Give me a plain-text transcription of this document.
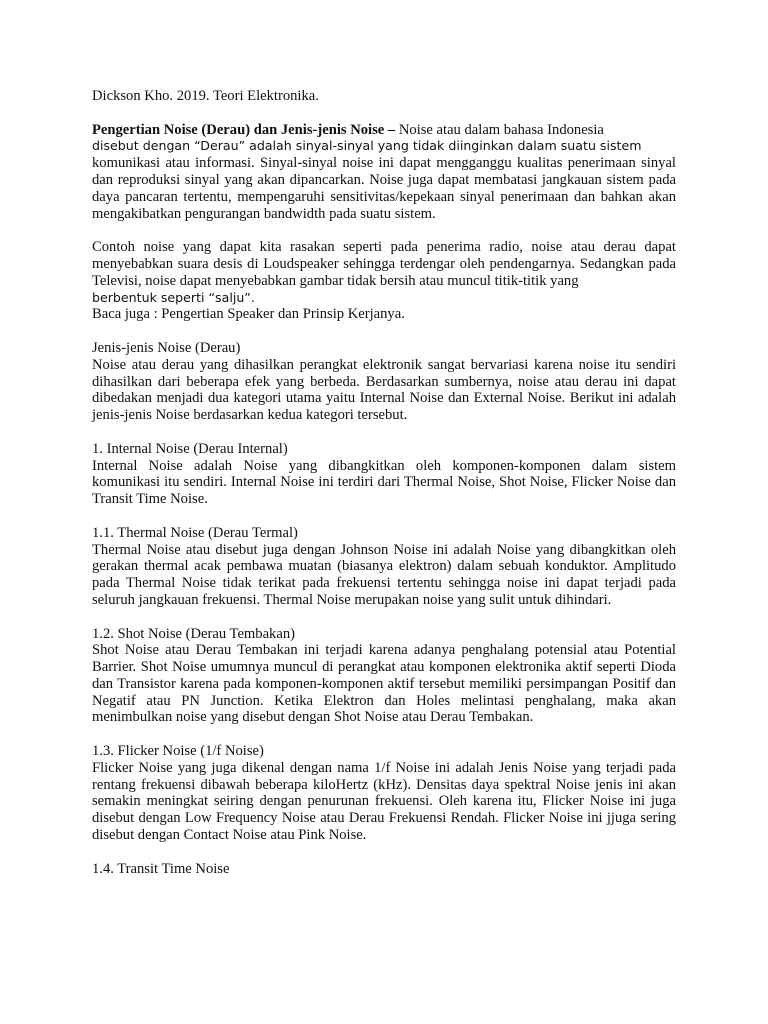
Dickson Kho. 2019. Teori Elektronika.

Pengertian Noise (Derau) dan Jenis-jenis Noise – Noise atau dalam bahasa Indonesia
disebut dengan “Derau” adalah sinyal-sinyal yang tidak diinginkan dalam suatu sistem
komunikasi atau informasi. Sinyal-sinyal noise ini dapat mengganggu kualitas penerimaan sinyal dan reproduksi sinyal yang akan dipancarkan. Noise juga dapat membatasi jangkauan sistem pada daya pancaran tertentu, mempengaruhi sensitivitas/kepekaan sinyal penerimaan dan bahkan akan mengakibatkan pengurangan bandwidth pada suatu sistem.

Contoh noise yang dapat kita rasakan seperti pada penerima radio, noise atau derau dapat menyebabkan suara desis di Loudspeaker sehingga terdengar oleh pendengarnya. Sedangkan pada Televisi, noise dapat menyebabkan gambar tidak bersih atau muncul titik-titik yang
berbentuk seperti “salju”.

Baca juga : Pengertian Speaker dan Prinsip Kerjanya.

Jenis-jenis Noise (Derau)
Noise atau derau yang dihasilkan perangkat elektronik sangat bervariasi karena noise itu sendiri dihasilkan dari beberapa efek yang berbeda. Berdasarkan sumbernya, noise atau derau ini dapat dibedakan menjadi dua kategori utama yaitu Internal Noise dan External Noise. Berikut ini adalah jenis-jenis Noise berdasarkan kedua kategori tersebut.

1. Internal Noise (Derau Internal)
Internal Noise adalah Noise yang dibangkitkan oleh komponen-komponen dalam sistem komunikasi itu sendiri. Internal Noise ini terdiri dari Thermal Noise, Shot Noise, Flicker Noise dan Transit Time Noise.

1.1. Thermal Noise (Derau Termal)
Thermal Noise atau disebut juga dengan Johnson Noise ini adalah Noise yang dibangkitkan oleh gerakan thermal acak pembawa muatan (biasanya elektron) dalam sebuah konduktor. Amplitudo pada Thermal Noise tidak terikat pada frekuensi tertentu sehingga noise ini dapat terjadi pada seluruh jangkauan frekuensi. Thermal Noise merupakan noise yang sulit untuk dihindari.

1.2. Shot Noise (Derau Tembakan)
Shot Noise atau Derau Tembakan ini terjadi karena adanya penghalang potensial atau Potential Barrier. Shot Noise umumnya muncul di perangkat atau komponen elektronika aktif seperti Dioda dan Transistor karena pada komponen-komponen aktif tersebut memiliki persimpangan Positif dan Negatif atau PN Junction. Ketika Elektron dan Holes melintasi penghalang, maka akan menimbulkan noise yang disebut dengan Shot Noise atau Derau Tembakan.

1.3. Flicker Noise (1/f Noise)
Flicker Noise yang juga dikenal dengan nama 1/f Noise ini adalah Jenis Noise yang terjadi pada rentang frekuensi dibawah beberapa kiloHertz (kHz). Densitas daya spektral Noise jenis ini akan semakin meningkat seiring dengan penurunan frekuensi. Oleh karena itu, Flicker Noise ini juga disebut dengan Low Frequency Noise atau Derau Frekuensi Rendah. Flicker Noise ini jjuga sering disebut dengan Contact Noise atau Pink Noise.

1.4. Transit Time Noise
